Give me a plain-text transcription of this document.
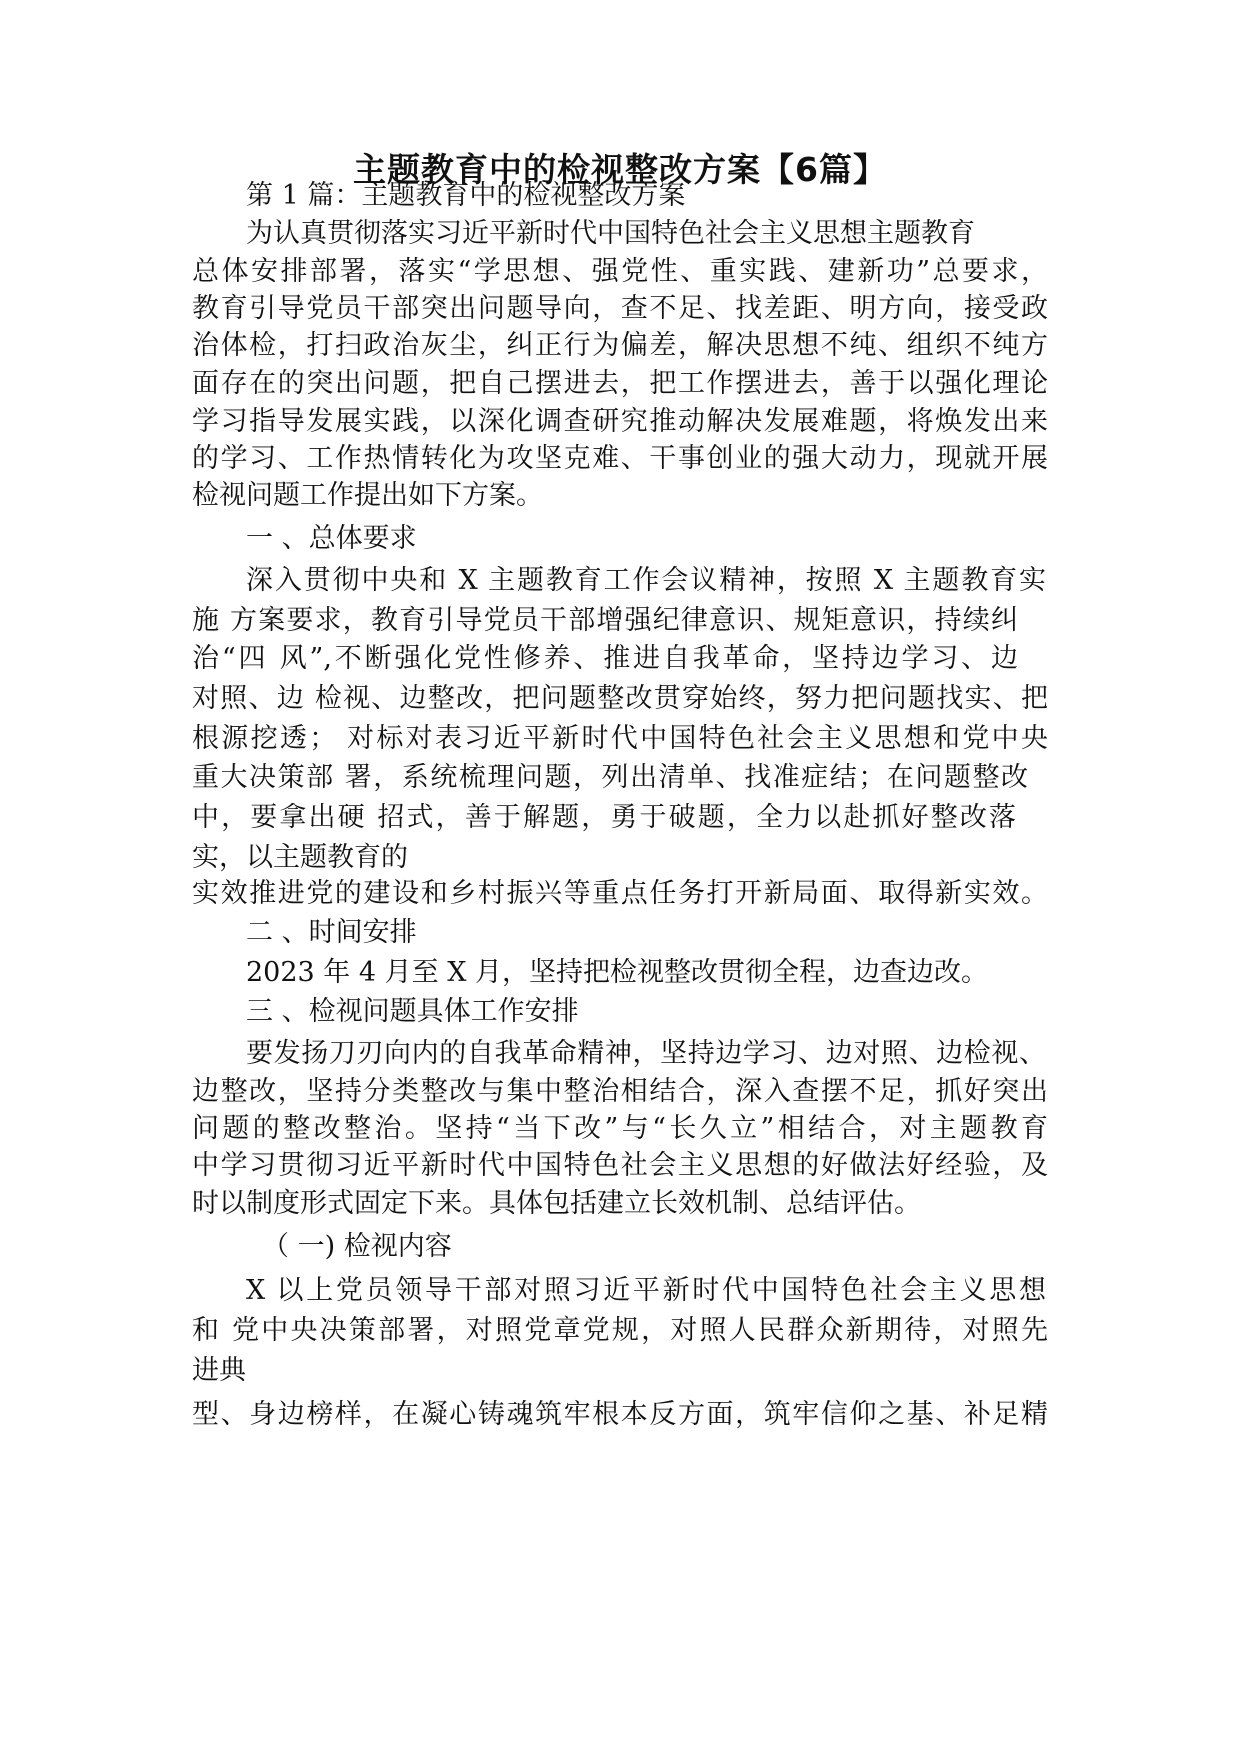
主题教育中的检视整改方案【6篇】
第 1 篇：主题教育中的检视整改方案
为认真贯彻落实习近平新时代中国特色社会主义思想主题教育
总体安排部署，落实“学思想、强党性、重实践、建新功”总要求，
教育引导党员干部突出问题导向，查不足、找差距、明方向，接受政
治体检，打扫政治灰尘，纠正行为偏差，解决思想不纯、组织不纯方
面存在的突出问题，把自己摆进去，把工作摆进去，善于以强化理论
学习指导发展实践，以深化调查研究推动解决发展难题，将焕发出来
的学习、工作热情转化为攻坚克难、干事创业的强大动力，现就开展
检视问题工作提出如下方案。
一 、总体要求
深入贯彻中央和 X 主题教育工作会议精神，按照 X 主题教育实
施 方案要求，教育引导党员干部增强纪律意识、规矩意识，持续纠
治“四 风”,不断强化党性修养、推进自我革命，坚持边学习、边
对照、边 检视、边整改，把问题整改贯穿始终，努力把问题找实、把
根源挖透； 对标对表习近平新时代中国特色社会主义思想和党中央
重大决策部 署，系统梳理问题，列出清单、找准症结；在问题整改
中，要拿出硬 招式，善于解题，勇于破题，全力以赴抓好整改落
实，以主题教育的
实效推进党的建设和乡村振兴等重点任务打开新局面、取得新实效。
二 、时间安排
2023 年 4 月至 X 月，坚持把检视整改贯彻全程，边查边改。
三 、检视问题具体工作安排
要发扬刀刃向内的自我革命精神，坚持边学习、边对照、边检视、
边整改，坚持分类整改与集中整治相结合，深入查摆不足，抓好突出
问题的整改整治。坚持“当下改”与“长久立”相结合，对主题教育
中学习贯彻习近平新时代中国特色社会主义思想的好做法好经验，及
时以制度形式固定下来。具体包括建立长效机制、总结评估。
（ 一) 检视内容
X 以上党员领导干部对照习近平新时代中国特色社会主义思想
和 党中央决策部署，对照党章党规，对照人民群众新期待，对照先
进典
型、身边榜样，在凝心铸魂筑牢根本反方面，筑牢信仰之基、补足精
